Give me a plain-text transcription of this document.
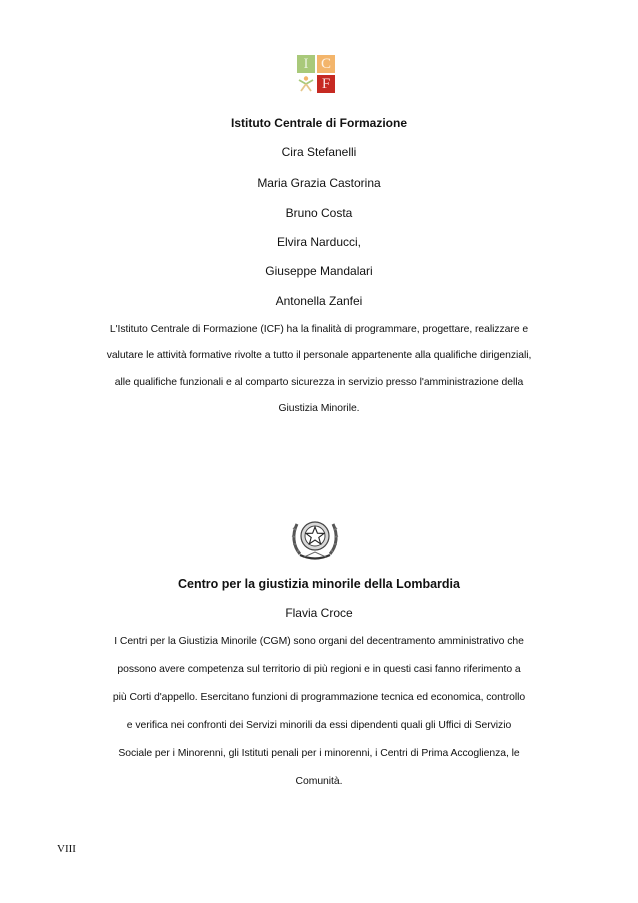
I C
F
Istituto Centrale di Formazione
Cira Stefanelli
Maria Grazia Castorina
Bruno Costa
Elvira Narducci,
Giuseppe Mandalari
Antonella Zanfei
L'Istituto Centrale di Formazione (ICF) ha la finalità di programmare, progettare, realizzare e
valutare le attività formative rivolte a tutto il personale appartenente alla qualifiche dirigenziali,
alle qualifiche funzionali e al comparto sicurezza in servizio presso l'amministrazione della
Giustizia Minorile.
Centro per la giustizia minorile della Lombardia
Flavia Croce
I Centri per la Giustizia Minorile (CGM) sono organi del decentramento amministrativo che
possono avere competenza sul territorio di più regioni e in questi casi fanno riferimento a
più Corti d'appello. Esercitano funzioni di programmazione tecnica ed economica, controllo
e verifica nei confronti dei Servizi minorili da essi dipendenti quali gli Uffici di Servizio
Sociale per i Minorenni, gli Istituti penali per i minorenni, i Centri di Prima Accoglienza, le
Comunità.
VIII
